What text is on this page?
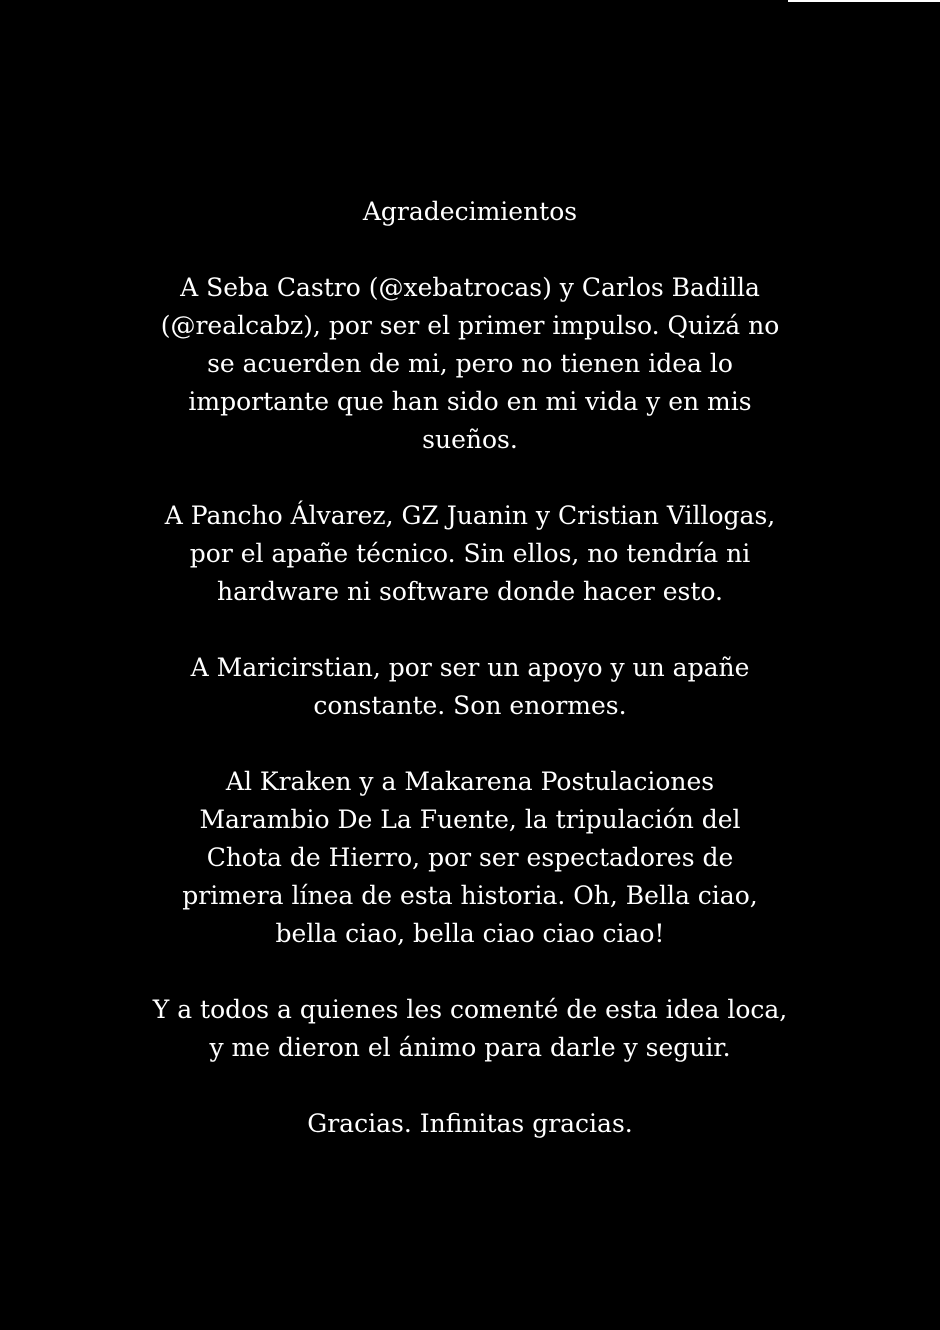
Agradecimientos
A Seba Castro (@xebatrocas) y Carlos Badilla
(@realcabz), por ser el primer impulso. Quizá no
se acuerden de mi, pero no tienen idea lo
importante que han sido en mi vida y en mis
sueños.
A Pancho Álvarez, GZ Juanin y Cristian Villogas,
por el apañe técnico. Sin ellos, no tendría ni
hardware ni software donde hacer esto.
A Maricirstian, por ser un apoyo y un apañe
constante. Son enormes.
Al Kraken y a Makarena Postulaciones
Marambio De La Fuente, la tripulación del
Chota de Hierro, por ser espectadores de
primera línea de esta historia. Oh, Bella ciao,
bella ciao, bella ciao ciao ciao!
Y a todos a quienes les comenté de esta idea loca,
y me dieron el ánimo para darle y seguir.
Gracias. Infinitas gracias.
